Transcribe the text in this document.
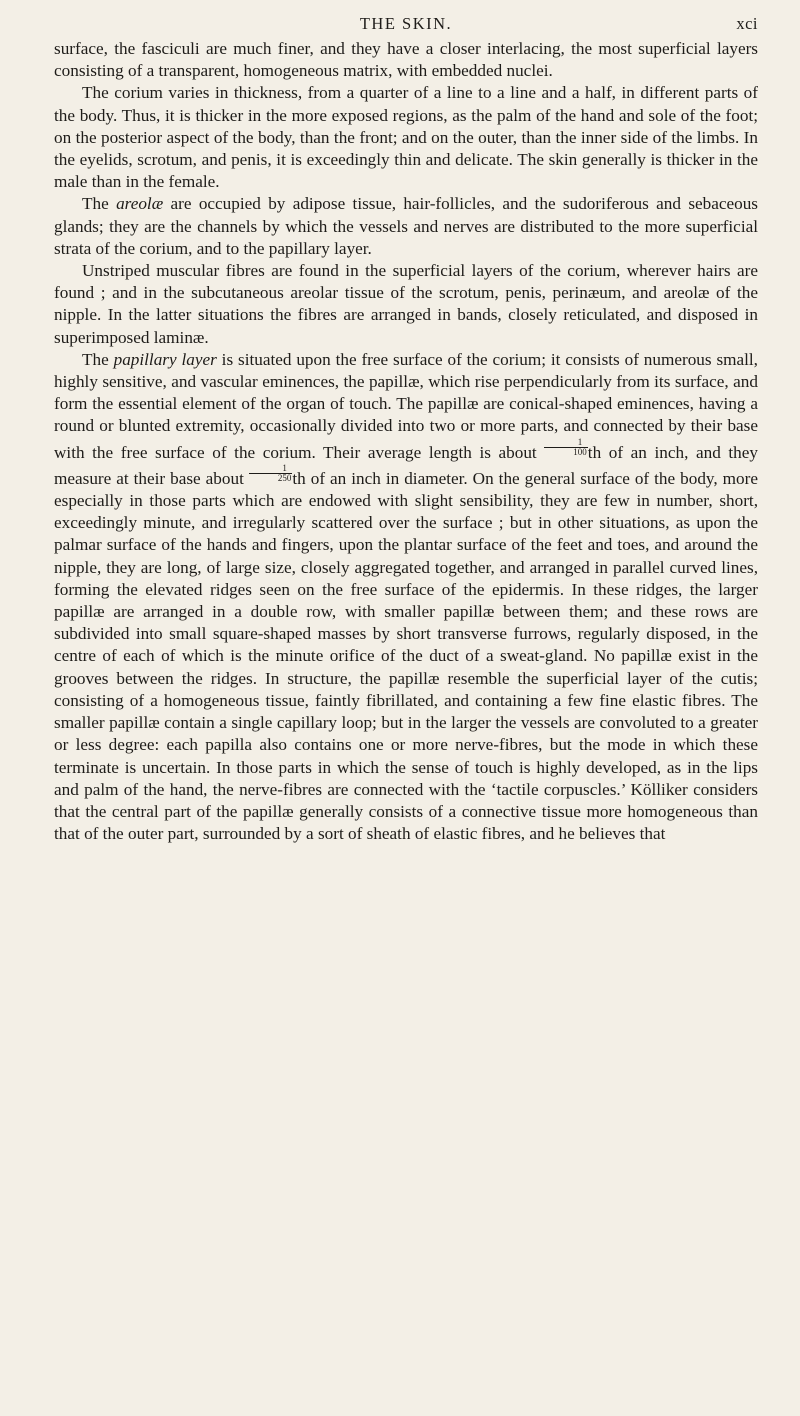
THE SKIN.	xci

surface, the fasciculi are much finer, and they have a closer interlacing, the most superficial layers consisting of a transparent, homogeneous matrix, with embedded nuclei.

The corium varies in thickness, from a quarter of a line to a line and a half, in different parts of the body. Thus, it is thicker in the more exposed regions, as the palm of the hand and sole of the foot; on the posterior aspect of the body, than the front; and on the outer, than the inner side of the limbs. In the eyelids, scrotum, and penis, it is exceedingly thin and delicate. The skin generally is thicker in the male than in the female.

The areolæ are occupied by adipose tissue, hair-follicles, and the sudoriferous and sebaceous glands; they are the channels by which the vessels and nerves are distributed to the more superficial strata of the corium, and to the papillary layer.

Unstriped muscular fibres are found in the superficial layers of the corium, wherever hairs are found ; and in the subcutaneous areolar tissue of the scrotum, penis, perinæum, and areolæ of the nipple. In the latter situations the fibres are arranged in bands, closely reticulated, and disposed in superimposed laminæ.

The papillary layer is situated upon the free surface of the corium; it consists of numerous small, highly sensitive, and vascular eminences, the papillæ, which rise perpendicularly from its surface, and form the essential element of the organ of touch. The papillæ are conical-shaped eminences, having a round or blunted extremity, occasionally divided into two or more parts, and connected by their base with the free surface of the corium. Their average length is about $\frac{1}{100}$ th of an inch, and they measure at their base about $\frac{1}{250}$ th of an inch in diameter. On the general surface of the body, more especially in those parts which are endowed with slight sensibility, they are few in number, short, exceedingly minute, and irregularly scattered over the surface ; but in other situations, as upon the palmar surface of the hands and fingers, upon the plantar surface of the feet and toes, and around the nipple, they are long, of large size, closely aggregated together, and arranged in parallel curved lines, forming the elevated ridges seen on the free surface of the epidermis. In these ridges, the larger papillæ are arranged in a double row, with smaller papillæ between them; and these rows are subdivided into small square-shaped masses by short transverse furrows, regularly disposed, in the centre of each of which is the minute orifice of the duct of a sweat-gland. No papillæ exist in the grooves between the ridges. In structure, the papillæ resemble the superficial layer of the cutis; consisting of a homogeneous tissue, faintly fibrillated, and containing a few fine elastic fibres. The smaller papillæ contain a single capillary loop; but in the larger the vessels are convoluted to a greater or less degree: each papilla also contains one or more nerve-fibres, but the mode in which these terminate is uncertain. In those parts in which the sense of touch is highly developed, as in the lips and palm of the hand, the nerve-fibres are connected with the ‘tactile corpuscles.’ Kölliker considers that the central part of the papillæ generally consists of a connective tissue more homogeneous than that of the outer part, surrounded by a sort of sheath of elastic fibres, and he believes that
